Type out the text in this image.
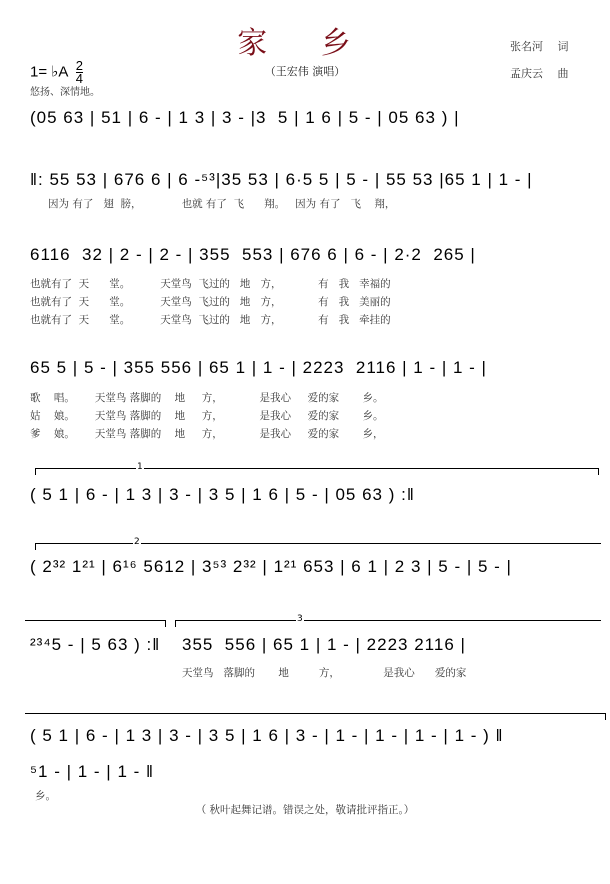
家 乡
（王宏伟 演唱）
张名河　 词
孟庆云　 曲
1= ♭A $\frac{2}{4}$
悠扬、深情地。
(05 63 | 51 | 6 - | 1 3 | 3 - |3  5 | 1 6 | 5 - | 05 63 ) |
‖: 55 53 | 676 6 | 6 -⁵³|35 53 | 6·5 5 | 5 - | 55 53 |65 1 | 1 - |
因为 有了   翅  膀，            也就 有了  飞      翔。   因为 有了   飞    翔，
6116  32 | 2 - | 2 - | 355  553 | 676 6 | 6 - | 2·2  265 |
也就有了  天      堂。         天堂鸟  飞过的   地   方，           有   我   幸福的
也就有了  天      堂。         天堂鸟  飞过的   地   方，           有   我   美丽的
也就有了  天      堂。         天堂鸟  飞过的   地   方，           有   我   牵挂的
65 5 | 5 - | 355 556 | 65 1 | 1 - | 2223  2116 | 1 - | 1 - |
歌    唱。      天堂鸟 落脚的    地     方，           是我心     爱的家       乡。
姑    娘。      天堂鸟 落脚的    地     方，           是我心     爱的家       乡。
爹    娘。      天堂鸟 落脚的    地     方，           是我心     爱的家       乡，
1
( 5 1 | 6 - | 1 3 | 3 - | 3 5 | 1 6 | 5 - | 05 63 ) :‖
2
( 2³² 1²¹ | 6¹⁶ 5612 | 3⁵³ 2³² | 1²¹ 653 | 6 1 | 2 3 | 5 - | 5 - |
3
²³⁴5 - | 5 63 ) :‖ 355  556 | 65 1 | 1 - | 2223 2116 |
天堂鸟   落脚的       地         方，             是我心      爱的家
( 5 1 | 6 - | 1 3 | 3 - | 3 5 | 1 6 | 3 - | 1 - | 1 - | 1 - | 1 - ) ‖
⁵1 - | 1 - | 1 - ‖
乡。
（ 秋叶起舞记谱。错误之处，敬请批评指正。）
